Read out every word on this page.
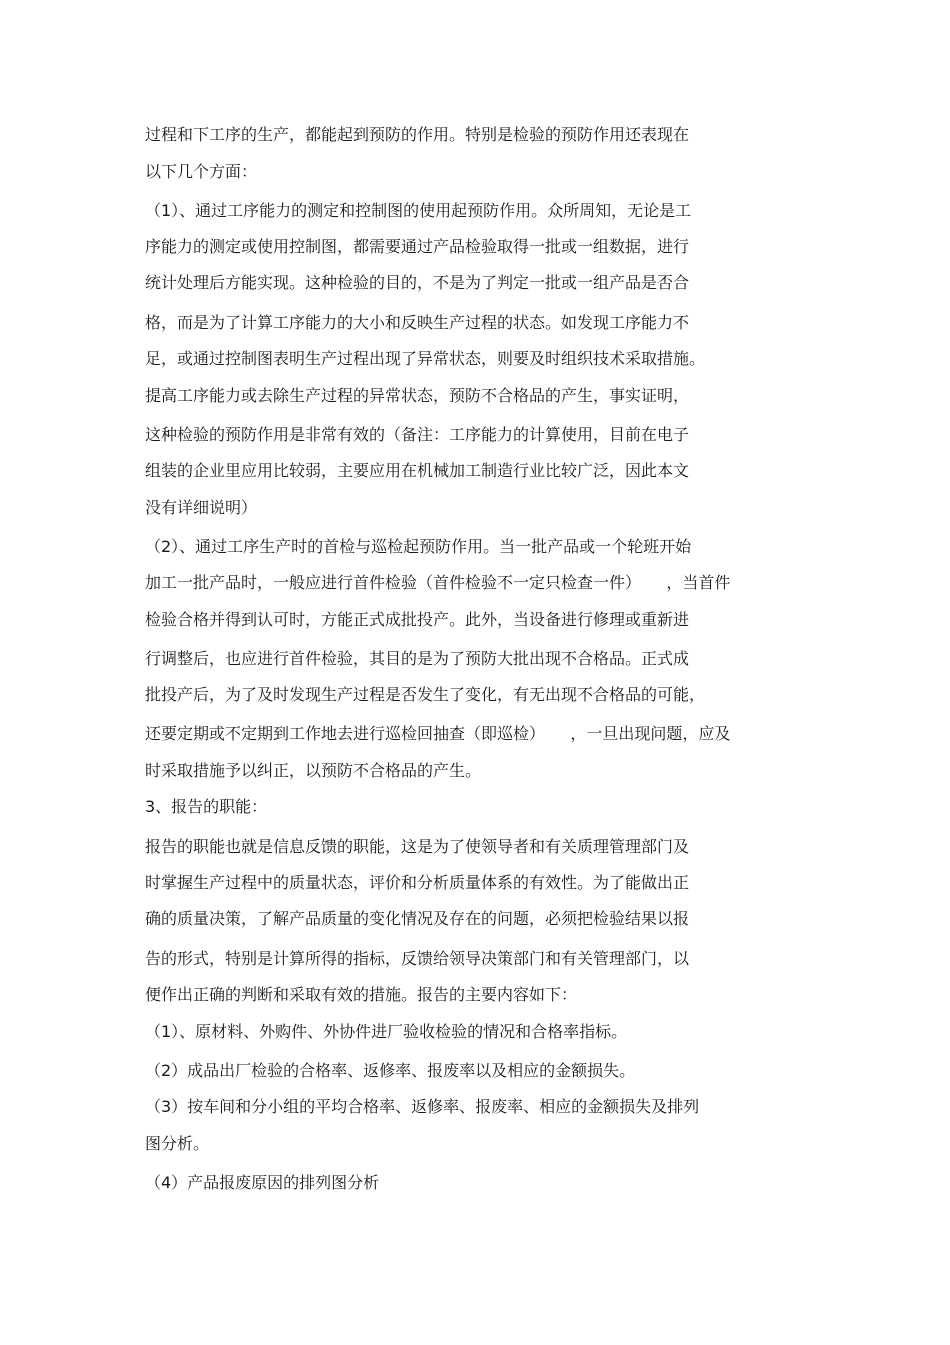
过程和下工序的生产，都能起到预防的作用。特别是检验的预防作用还表现在

以下几个方面：

（1）、通过工序能力的测定和控制图的使用起预防作用。众所周知，无论是工

序能力的测定或使用控制图，都需要通过产品检验取得一批或一组数据，进行

统计处理后方能实现。这种检验的目的，不是为了判定一批或一组产品是否合

格，而是为了计算工序能力的大小和反映生产过程的状态。如发现工序能力不

足，或通过控制图表明生产过程出现了异常状态，则要及时组织技术采取措施。

提高工序能力或去除生产过程的异常状态，预防不合格品的产生，事实证明，

这种检验的预防作用是非常有效的（备注：工序能力的计算使用，目前在电子

组装的企业里应用比较弱，主要应用在机械加工制造行业比较广泛，因此本文

没有详细说明）

（2）、通过工序生产时的首检与巡检起预防作用。当一批产品或一个轮班开始

加工一批产品时，一般应进行首件检验（首件检验不一定只检查一件）     ，当首件

检验合格并得到认可时，方能正式成批投产。此外，当设备进行修理或重新进

行调整后，也应进行首件检验，其目的是为了预防大批出现不合格品。正式成

批投产后，为了及时发现生产过程是否发生了变化，有无出现不合格品的可能，

还要定期或不定期到工作地去进行巡检回抽查（即巡检）     ，一旦出现问题，应及

时采取措施予以纠正，以预防不合格品的产生。

3、报告的职能：

报告的职能也就是信息反馈的职能，这是为了使领导者和有关质理管理部门及

时掌握生产过程中的质量状态，评价和分析质量体系的有效性。为了能做出正

确的质量决策，了解产品质量的变化情况及存在的问题，必须把检验结果以报

告的形式，特别是计算所得的指标，反馈给领导决策部门和有关管理部门，以

便作出正确的判断和采取有效的措施。报告的主要内容如下：

（1）、原材料、外购件、外协件进厂验收检验的情况和合格率指标。

（2）成品出厂检验的合格率、返修率、报废率以及相应的金额损失。

（3）按车间和分小组的平均合格率、返修率、报废率、相应的金额损失及排列

图分析。

（4）产品报废原因的排列图分析
